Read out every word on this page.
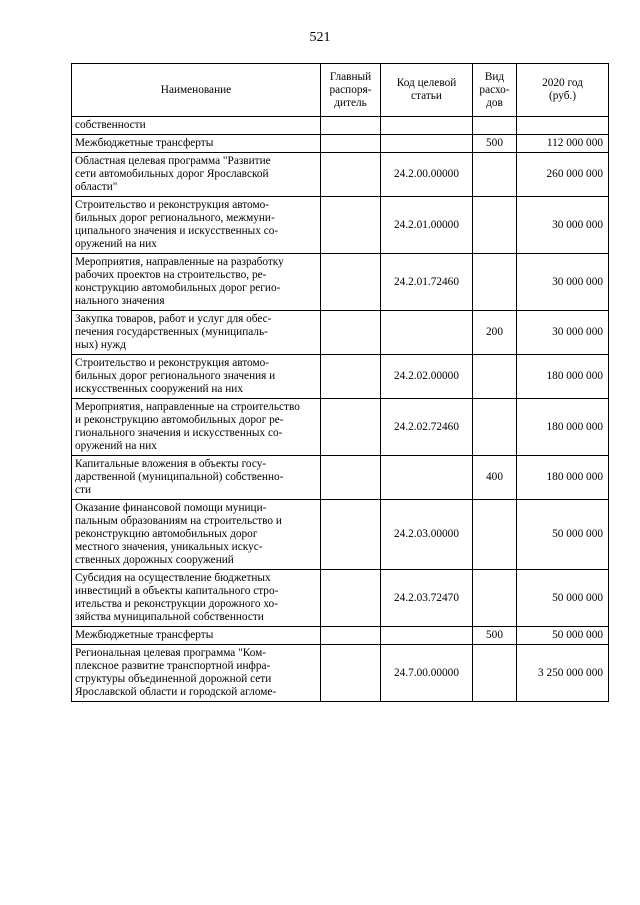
521
Наименование	Главный
распоря-
дитель	Код целевой
статьи	Вид
расхо-
дов	2020 год
(руб.)
собственности				
Межбюджетные трансферты			500	112 000 000
Областная целевая программа "Развитие
сети автомобильных дорог Ярославской
области"		24.2.00.00000		260 000 000
Строительство и реконструкция автомо-
бильных дорог регионального, межмуни-
ципального значения и искусственных со-
оружений на них		24.2.01.00000		30 000 000
Мероприятия, направленные на разработку
рабочих проектов на строительство, ре-
конструкцию автомобильных дорог регио-
нального значения		24.2.01.72460		30 000 000
Закупка товаров, работ и услуг для обес-
печения государственных (муниципаль-
ных) нужд			200	30 000 000
Строительство и реконструкция автомо-
бильных дорог регионального значения и
искусственных сооружений на них		24.2.02.00000		180 000 000
Мероприятия, направленные на строительство
и реконструкцию автомобильных дорог ре-
гионального значения и искусственных со-
оружений на них		24.2.02.72460		180 000 000
Капитальные вложения в объекты госу-
дарственной (муниципальной) собственно-
сти			400	180 000 000
Оказание финансовой помощи муници-
пальным образованиям на строительство и
реконструкцию автомобильных дорог
местного значения, уникальных искус-
ственных дорожных сооружений		24.2.03.00000		50 000 000
Субсидия на осуществление бюджетных
инвестиций в объекты капитального стро-
ительства и реконструкции дорожного хо-
зяйства муниципальной собственности		24.2.03.72470		50 000 000
Межбюджетные трансферты			500	50 000 000
Региональная целевая программа "Ком-
плексное развитие транспортной инфра-
структуры объединенной дорожной сети
Ярославской области и городской агломе-		24.7.00.00000		3 250 000 000
